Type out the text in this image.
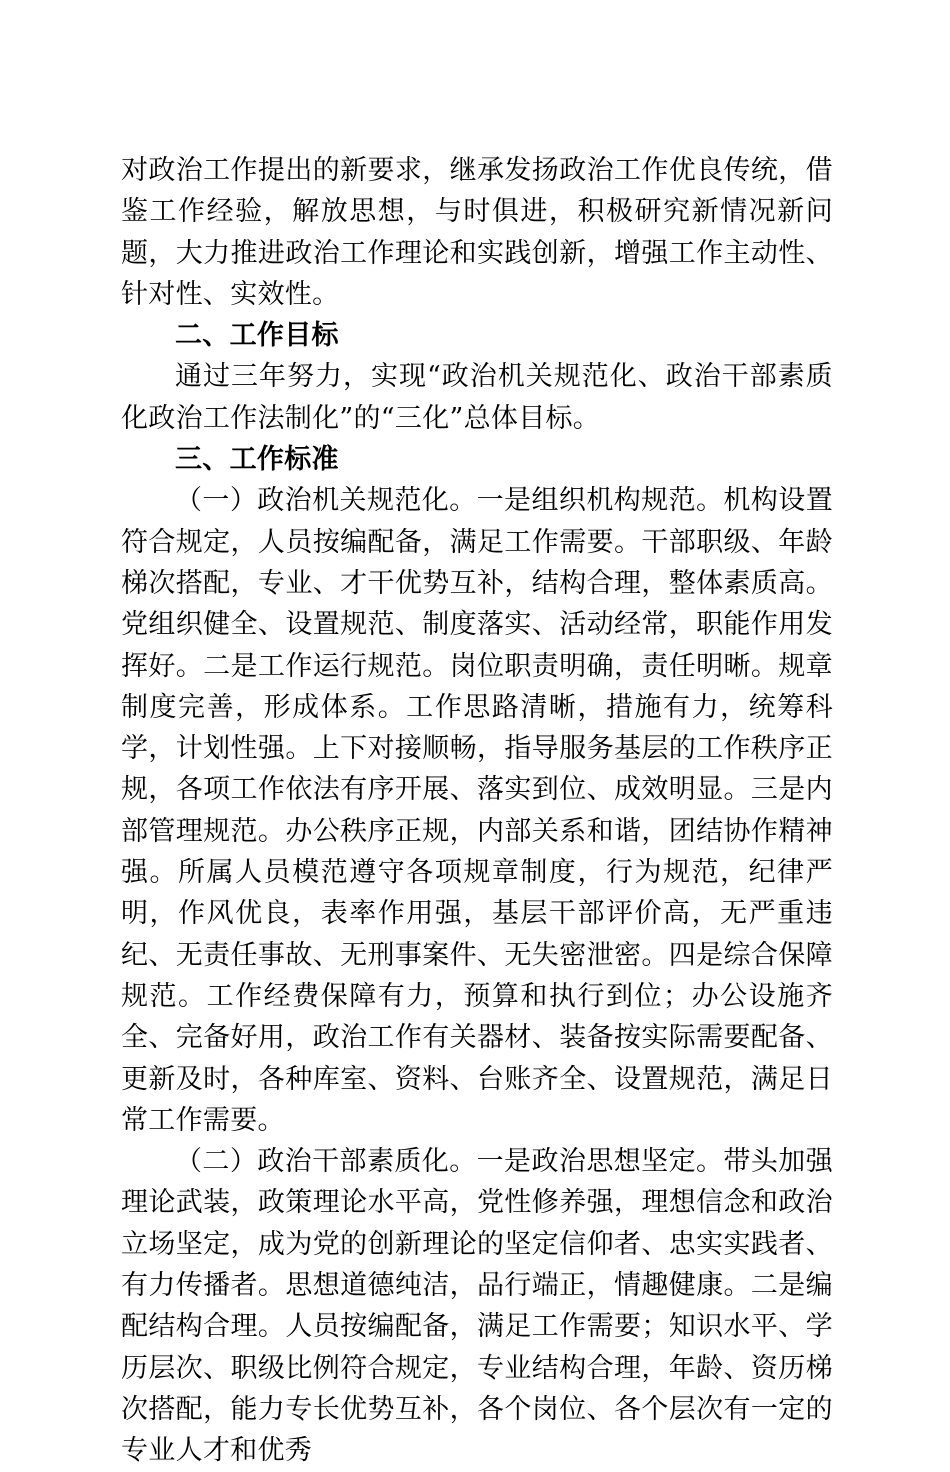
对政治工作提出的新要求，继承发扬政治工作优良传统，借鉴工作经验，解放思想，与时俱进，积极研究新情况新问题，大力推进政治工作理论和实践创新，增强工作主动性、针对性、实效性。

二、工作目标

通过三年努力，实现“政治机关规范化、政治干部素质化政治工作法制化”的“三化”总体目标。

三、工作标准

（一）政治机关规范化。一是组织机构规范。机构设置符合规定，人员按编配备，满足工作需要。干部职级、年龄梯次搭配，专业、才干优势互补，结构合理，整体素质高。党组织健全、设置规范、制度落实、活动经常，职能作用发挥好。二是工作运行规范。岗位职责明确，责任明晰。规章制度完善，形成体系。工作思路清晰，措施有力，统筹科学，计划性强。上下对接顺畅，指导服务基层的工作秩序正规，各项工作依法有序开展、落实到位、成效明显。三是内部管理规范。办公秩序正规，内部关系和谐，团结协作精神强。所属人员模范遵守各项规章制度，行为规范，纪律严明，作风优良，表率作用强，基层干部评价高，无严重违纪、无责任事故、无刑事案件、无失密泄密。四是综合保障规范。工作经费保障有力，预算和执行到位；办公设施齐全、完备好用，政治工作有关器材、装备按实际需要配备、更新及时，各种库室、资料、台账齐全、设置规范，满足日常工作需要。

（二）政治干部素质化。一是政治思想坚定。带头加强理论武装，政策理论水平高，党性修养强，理想信念和政治立场坚定，成为党的创新理论的坚定信仰者、忠实实践者、有力传播者。思想道德纯洁，品行端正，情趣健康。二是编配结构合理。人员按编配备，满足工作需要；知识水平、学历层次、职级比例符合规定，专业结构合理，年龄、资历梯次搭配，能力专长优势互补，各个岗位、各个层次有一定的专业人才和优秀
